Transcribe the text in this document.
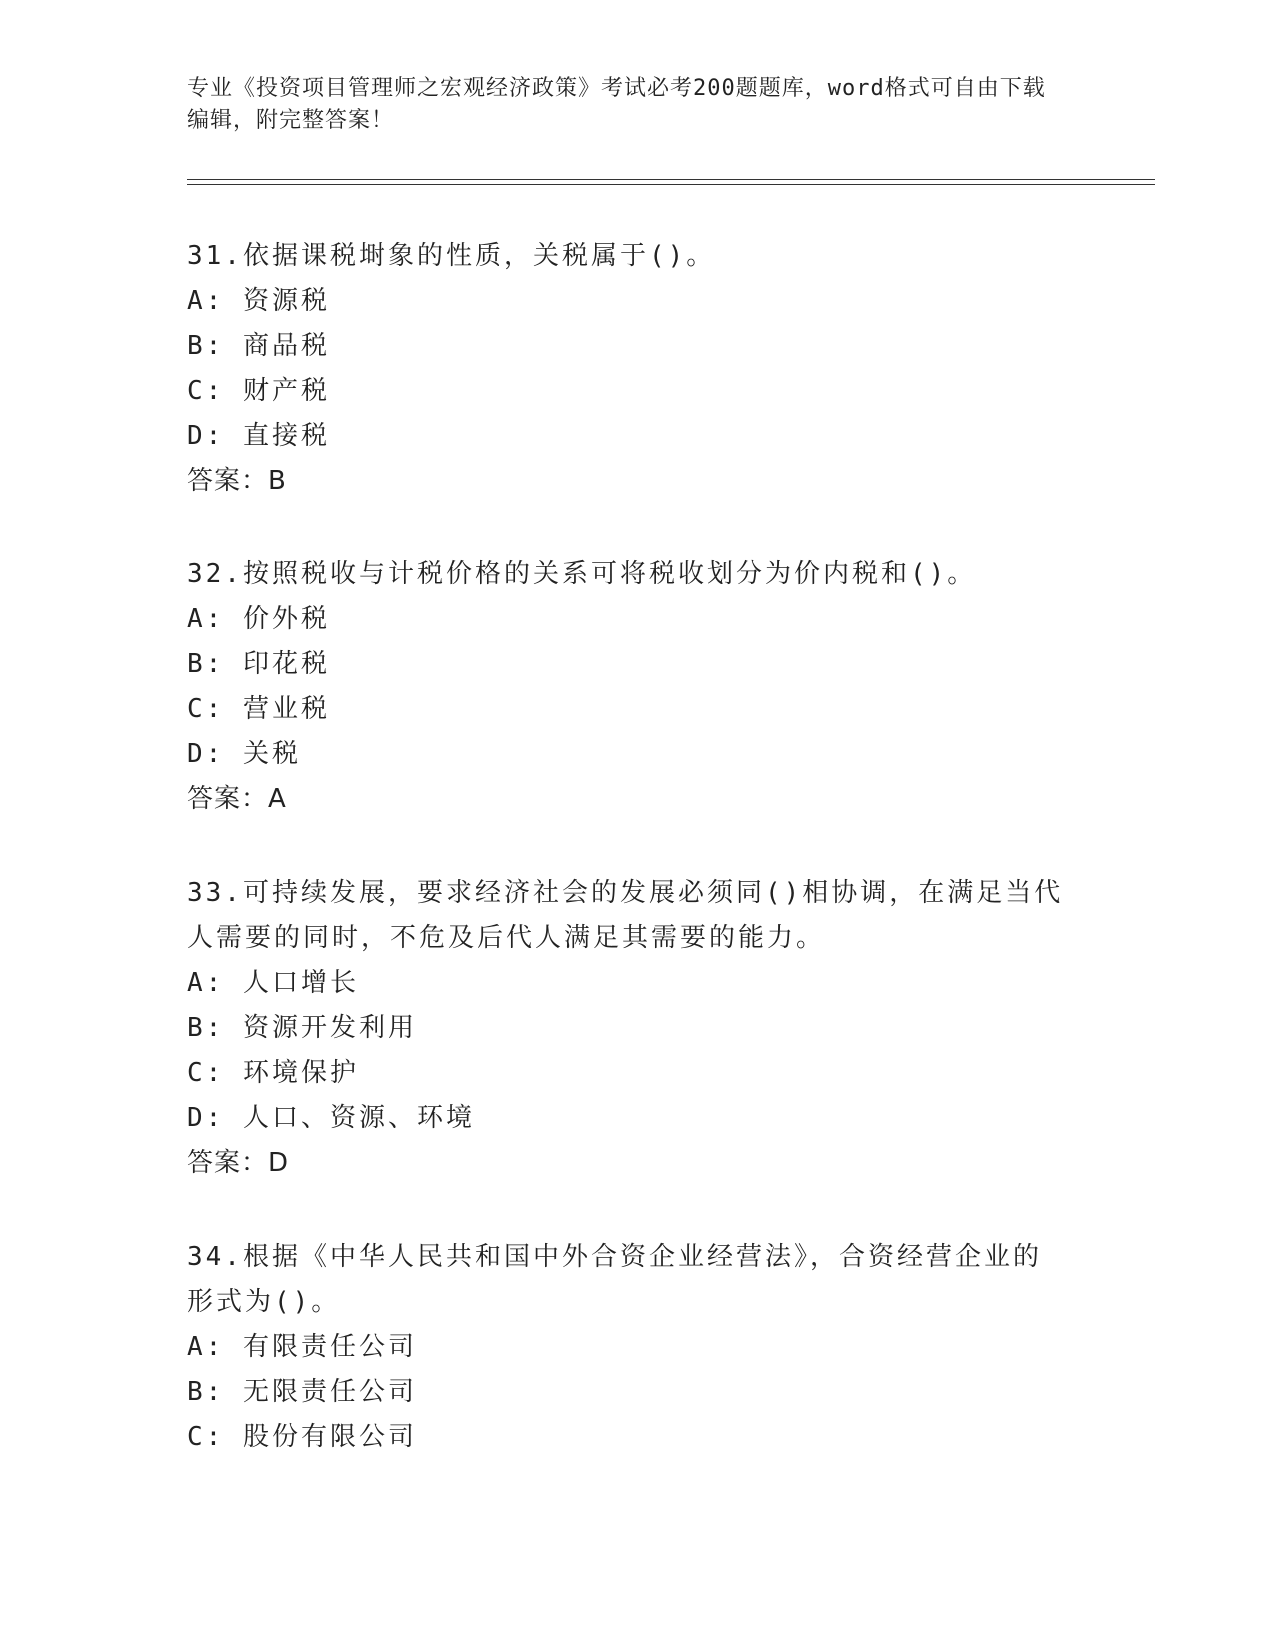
专业《投资项目管理师之宏观经济政策》考试必考200题题库，word格式可自由下载编辑，附完整答案！

31.依据课税埘象的性质，关税属于()。

A: 资源税

B: 商品税

C: 财产税

D: 直接税

答案：B

32.按照税收与计税价格的关系可将税收划分为价内税和()。

A: 价外税

B: 印花税

C: 营业税

D: 关税

答案：A

33.可持续发展，要求经济社会的发展必须同()相协调，在满足当代人需要的同时，不危及后代人满足其需要的能力。

A: 人口增长

B: 资源开发利用

C: 环境保护

D: 人口、资源、环境

答案：D

34.根据《中华人民共和国中外合资企业经营法》，合资经营企业的形式为()。

A: 有限责任公司

B: 无限责任公司

C: 股份有限公司
